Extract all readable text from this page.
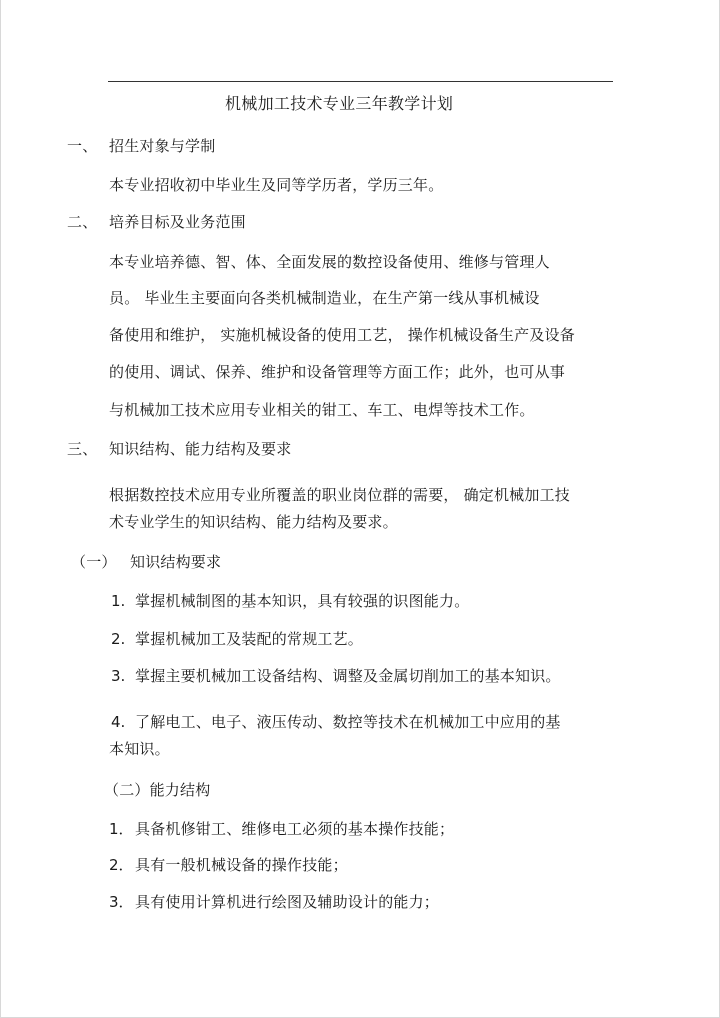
机械加工技术专业三年教学计划
一、 招生对象与学制
本专业招收初中毕业生及同等学历者，学历三年。
二、 培养目标及业务范围
本专业培养德、智、体、全面发展的数控设备使用、维修与管理人
员。 毕业生主要面向各类机械制造业，在生产第一线从事机械设
备使用和维护， 实施机械设备的使用工艺， 操作机械设备生产及设备
的使用、调试、保养、维护和设备管理等方面工作；此外，也可从事
与机械加工技术应用专业相关的钳工、车工、电焊等技术工作。
三、 知识结构、能力结构及要求
根据数控技术应用专业所覆盖的职业岗位群的需要， 确定机械加工技
术专业学生的知识结构、能力结构及要求。
（一） 知识结构要求
1. 掌握机械制图的基本知识，具有较强的识图能力。
2. 掌握机械加工及装配的常规工艺。
3. 掌握主要机械加工设备结构、调整及金属切削加工的基本知识。
4. 了解电工、电子、液压传动、数控等技术在机械加工中应用的基
本知识。
（二）能力结构
1． 具备机修钳工、维修电工必须的基本操作技能；
2． 具有一般机械设备的操作技能；
3． 具有使用计算机进行绘图及辅助设计的能力；
